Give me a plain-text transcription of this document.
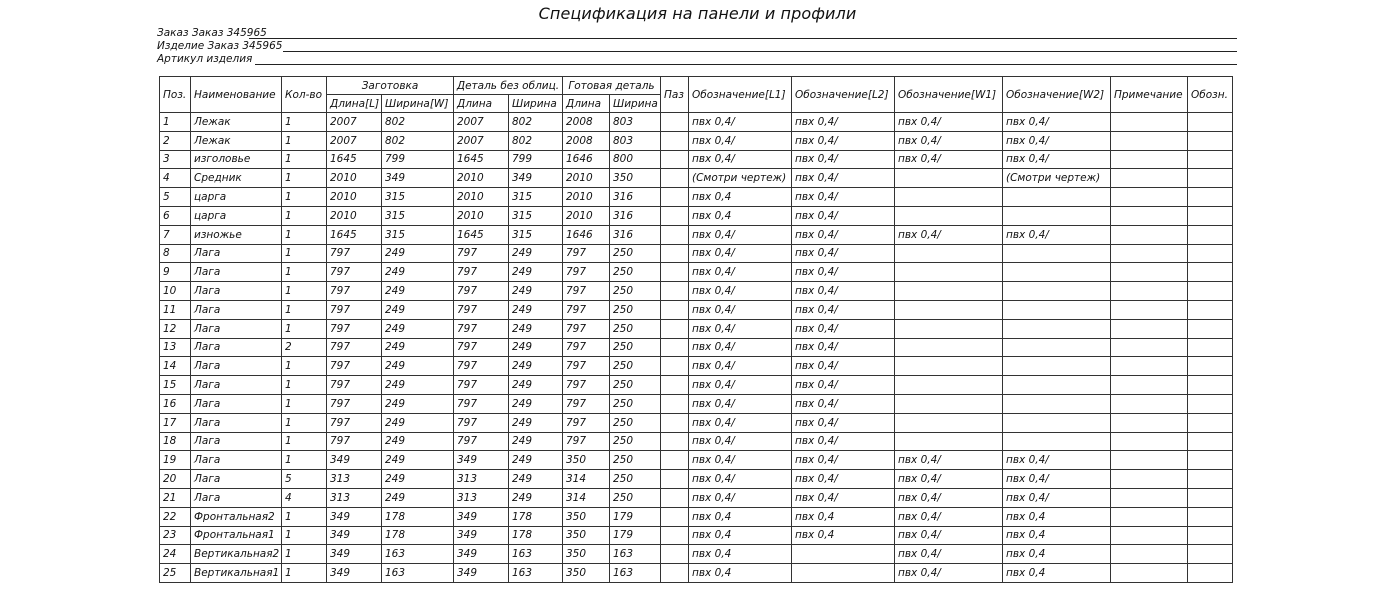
Спецификация на панели и профили
Заказ
Заказ 345965
Изделие
Заказ 345965
Артикул изделия

Поз.	Наименование	Кол-во	Заготовка		Деталь без облиц.		Готовая деталь		Паз	Обозначение[L1]	Обозначение[L2]	Обозначение[W1]	Обозначение[W2]	Примечание	Обозн.
			Длина[L]	Ширина[W]	Длина	Ширина	Длина	Ширина							
1	Лежак	1	2007	802	2007	802	2008	803		пвх 0,4/	пвх 0,4/	пвх 0,4/	пвх 0,4/		
2	Лежак	1	2007	802	2007	802	2008	803		пвх 0,4/	пвх 0,4/	пвх 0,4/	пвх 0,4/		
3	изголовье	1	1645	799	1645	799	1646	800		пвх 0,4/	пвх 0,4/	пвх 0,4/	пвх 0,4/		
4	Средник	1	2010	349	2010	349	2010	350		(Смотри чертеж)	пвх 0,4/		(Смотри чертеж)		
5	царга	1	2010	315	2010	315	2010	316		пвх 0,4	пвх 0,4/				
6	царга	1	2010	315	2010	315	2010	316		пвх 0,4	пвх 0,4/				
7	изножье	1	1645	315	1645	315	1646	316		пвх 0,4/	пвх 0,4/	пвх 0,4/	пвх 0,4/		
8	Лага	1	797	249	797	249	797	250		пвх 0,4/	пвх 0,4/				
9	Лага	1	797	249	797	249	797	250		пвх 0,4/	пвх 0,4/				
10	Лага	1	797	249	797	249	797	250		пвх 0,4/	пвх 0,4/				
11	Лага	1	797	249	797	249	797	250		пвх 0,4/	пвх 0,4/				
12	Лага	1	797	249	797	249	797	250		пвх 0,4/	пвх 0,4/				
13	Лага	2	797	249	797	249	797	250		пвх 0,4/	пвх 0,4/				
14	Лага	1	797	249	797	249	797	250		пвх 0,4/	пвх 0,4/				
15	Лага	1	797	249	797	249	797	250		пвх 0,4/	пвх 0,4/				
16	Лага	1	797	249	797	249	797	250		пвх 0,4/	пвх 0,4/				
17	Лага	1	797	249	797	249	797	250		пвх 0,4/	пвх 0,4/				
18	Лага	1	797	249	797	249	797	250		пвх 0,4/	пвх 0,4/				
19	Лага	1	349	249	349	249	350	250		пвх 0,4/	пвх 0,4/	пвх 0,4/	пвх 0,4/		
20	Лага	5	313	249	313	249	314	250		пвх 0,4/	пвх 0,4/	пвх 0,4/	пвх 0,4/		
21	Лага	4	313	249	313	249	314	250		пвх 0,4/	пвх 0,4/	пвх 0,4/	пвх 0,4/		
22	Фронтальная2	1	349	178	349	178	350	179		пвх 0,4	пвх 0,4	пвх 0,4/	пвх 0,4		
23	Фронтальная1	1	349	178	349	178	350	179		пвх 0,4	пвх 0,4	пвх 0,4/	пвх 0,4		
24	Вертикальная2	1	349	163	349	163	350	163		пвх 0,4		пвх 0,4/	пвх 0,4		
25	Вертикальная1	1	349	163	349	163	350	163		пвх 0,4		пвх 0,4/	пвх 0,4		
